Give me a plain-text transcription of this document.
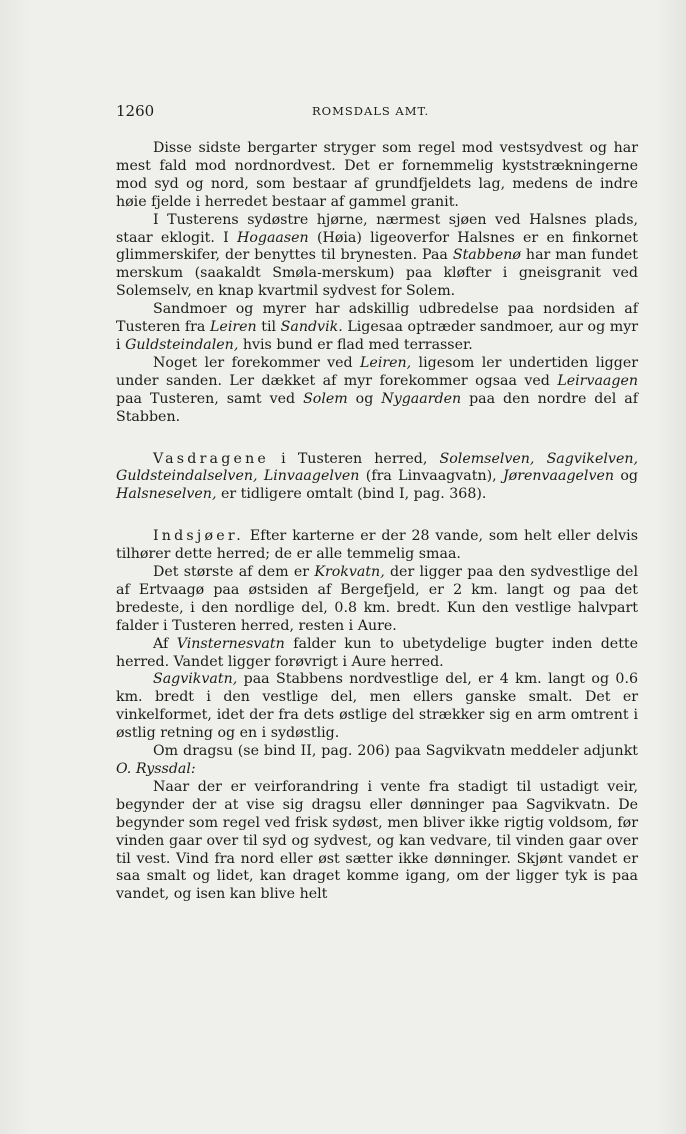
1260	ROMSDALS AMT.

Disse sidste bergarter stryger som regel mod vestsydvest og har mest fald mod nordnordvest. Det er fornemmelig kyststrækningerne mod syd og nord, som bestaar af grundfjeldets lag, medens de indre høie fjelde i herredet bestaar af gammel granit.

I Tusterens sydøstre hjørne, nærmest sjøen ved Halsnes plads, staar eklogit. I Hogaasen (Høia) ligeoverfor Halsnes er en finkornet glimmerskifer, der benyttes til brynesten. Paa Stabbenø har man fundet merskum (saakaldt Smøla-merskum) paa kløfter i gneisgranit ved Solemselv, en knap kvartmil sydvest for Solem.

Sandmoer og myrer har adskillig udbredelse paa nordsiden af Tusteren fra Leiren til Sandvik. Ligesaa optræder sandmoer, aur og myr i Guldsteindalen, hvis bund er flad med terrasser.

Noget ler forekommer ved Leiren, ligesom ler undertiden ligger under sanden. Ler dækket af myr forekommer ogsaa ved Leirvaagen paa Tusteren, samt ved Solem og Nygaarden paa den nordre del af Stabben.

Vasdragene i Tusteren herred, Solemselven, Sagvikelven, Guldsteindalselven, Linvaagelven (fra Linvaagvatn), Jørenvaagelven og Halsneselven, er tidligere omtalt (bind I, pag. 368).

Indsjøer. Efter karterne er der 28 vande, som helt eller delvis tilhører dette herred; de er alle temmelig smaa.

Det største af dem er Krokvatn, der ligger paa den sydvestlige del af Ertvaagø paa østsiden af Bergefjeld, er 2 km. langt og paa det bredeste, i den nordlige del, 0.8 km. bredt. Kun den vestlige halvpart falder i Tusteren herred, resten i Aure.

Af Vinsternesvatn falder kun to ubetydelige bugter inden dette herred. Vandet ligger forøvrigt i Aure herred.

Sagvikvatn, paa Stabbens nordvestlige del, er 4 km. langt og 0.6 km. bredt i den vestlige del, men ellers ganske smalt. Det er vinkelformet, idet der fra dets østlige del strækker sig en arm omtrent i østlig retning og en i sydøstlig.

Om dragsu (se bind II, pag. 206) paa Sagvikvatn meddeler adjunkt O. Ryssdal:

Naar der er veirforandring i vente fra stadigt til ustadigt veir, begynder der at vise sig dragsu eller dønninger paa Sagvikvatn. De begynder som regel ved frisk sydøst, men bliver ikke rigtig voldsom, før vinden gaar over til syd og sydvest, og kan vedvare, til vinden gaar over til vest. Vind fra nord eller øst sætter ikke dønninger. Skjønt vandet er saa smalt og lidet, kan draget komme igang, om der ligger tyk is paa vandet, og isen kan blive helt
